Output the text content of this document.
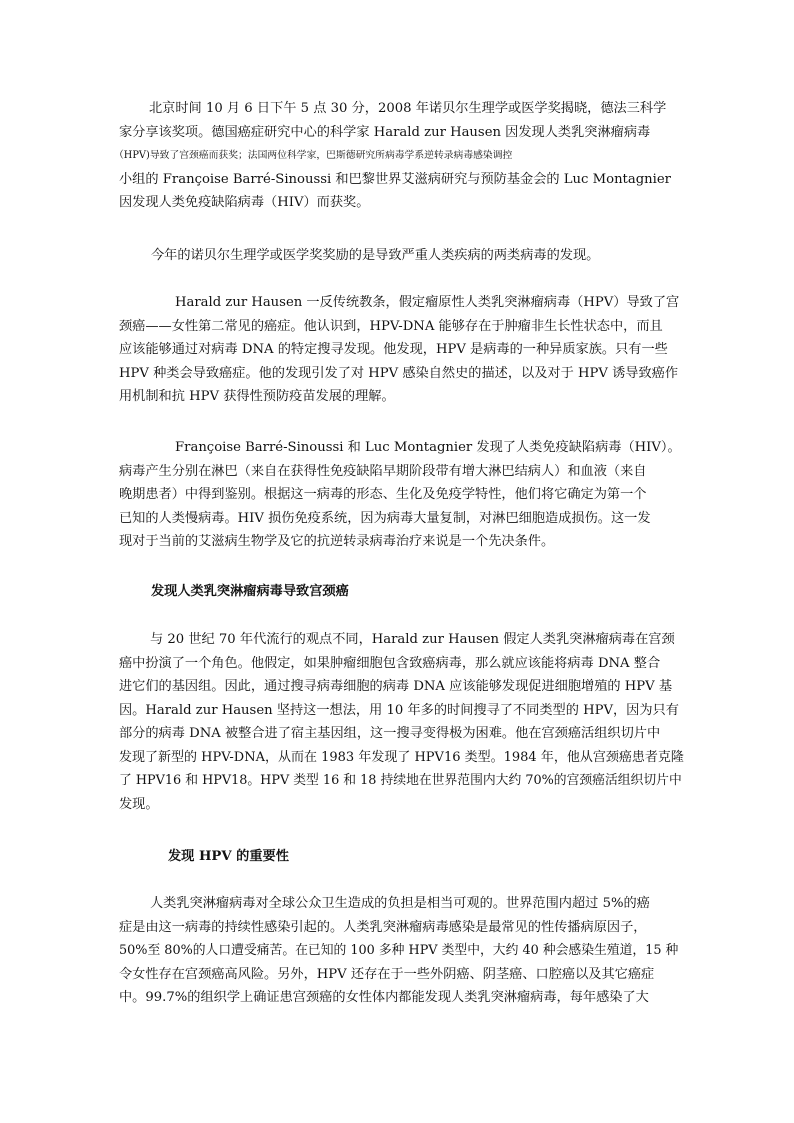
北京时间 10 月 6 日下午 5 点 30 分，2008 年诺贝尔生理学或医学奖揭晓，德法三科学
家分享该奖项。德国癌症研究中心的科学家 Harald zur Hausen 因发现人类乳突淋瘤病毒
（HPV)导致了宫颈癌而获奖；法国两位科学家，巴斯德研究所病毒学系逆转录病毒感染调控
小组的 Françoise Barré-Sinoussi 和巴黎世界艾滋病研究与预防基金会的 Luc Montagnier
因发现人类免疫缺陷病毒（HIV）而获奖。
今年的诺贝尔生理学或医学奖奖励的是导致严重人类疾病的两类病毒的发现。
Harald zur Hausen 一反传统教条，假定瘤原性人类乳突淋瘤病毒（HPV）导致了宫
颈癌——女性第二常见的癌症。他认识到，HPV-DNA 能够存在于肿瘤非生长性状态中，而且
应该能够通过对病毒 DNA 的特定搜寻发现。他发现，HPV 是病毒的一种异质家族。只有一些
HPV 种类会导致癌症。他的发现引发了对 HPV 感染自然史的描述，以及对于 HPV 诱导致癌作
用机制和抗 HPV 获得性预防疫苗发展的理解。
Françoise Barré-Sinoussi 和 Luc Montagnier 发现了人类免疫缺陷病毒（HIV）。
病毒产生分别在淋巴（来自在获得性免疫缺陷早期阶段带有增大淋巴结病人）和血液（来自
晚期患者）中得到鉴别。根据这一病毒的形态、生化及免疫学特性，他们将它确定为第一个
已知的人类慢病毒。HIV 损伤免疫系统，因为病毒大量复制，对淋巴细胞造成损伤。这一发
现对于当前的艾滋病生物学及它的抗逆转录病毒治疗来说是一个先决条件。
发现人类乳突淋瘤病毒导致宫颈癌
与 20 世纪 70 年代流行的观点不同，Harald zur Hausen 假定人类乳突淋瘤病毒在宫颈
癌中扮演了一个角色。他假定，如果肿瘤细胞包含致癌病毒，那么就应该能将病毒 DNA 整合
进它们的基因组。因此，通过搜寻病毒细胞的病毒 DNA 应该能够发现促进细胞增殖的 HPV 基
因。Harald zur Hausen 坚持这一想法，用 10 年多的时间搜寻了不同类型的 HPV，因为只有
部分的病毒 DNA 被整合进了宿主基因组，这一搜寻变得极为困难。他在宫颈癌活组织切片中
发现了新型的 HPV-DNA，从而在 1983 年发现了 HPV16 类型。1984 年，他从宫颈癌患者克隆
了 HPV16 和 HPV18。HPV 类型 16 和 18 持续地在世界范围内大约 70%的宫颈癌活组织切片中
发现。
发现 HPV 的重要性
人类乳突淋瘤病毒对全球公众卫生造成的负担是相当可观的。世界范围内超过 5%的癌
症是由这一病毒的持续性感染引起的。人类乳突淋瘤病毒感染是最常见的性传播病原因子，
50%至 80%的人口遭受痛苦。在已知的 100 多种 HPV 类型中，大约 40 种会感染生殖道，15 种
令女性存在宫颈癌高风险。另外，HPV 还存在于一些外阴癌、阴茎癌、口腔癌以及其它癌症
中。99.7%的组织学上确证患宫颈癌的女性体内都能发现人类乳突淋瘤病毒，每年感染了大
